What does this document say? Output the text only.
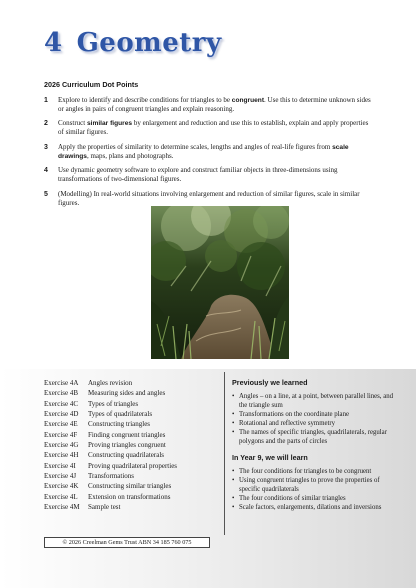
4 Geometry
2026 Curriculum Dot Points
1	Explore to identify and describe conditions for triangles to be congruent. Use this to determine unknown sides or angles in pairs of congruent triangles and explain reasoning.
2	Construct similar figures by enlargement and reduction and use this to establish, explain and apply properties of similar figures.
3	Apply the properties of similarity to determine scales, lengths and angles of real-life figures from scale drawings, maps, plans and photographs.
4	Use dynamic geometry software to explore and construct familiar objects in three-dimensions using transformations of two-dimensional figures.
5	(Modelling) In real-world situations involving enlargement and reduction of similar figures, scale in similar figures.
Exercise 4A	Angles revision
Exercise 4B	Measuring sides and angles
Exercise 4C	Types of triangles
Exercise 4D	Types of quadrilaterals
Exercise 4E	Constructing triangles
Exercise 4F	Finding congruent triangles
Exercise 4G	Proving triangles congruent
Exercise 4H	Constructing quadrilaterals
Exercise 4I	Proving quadrilateral properties
Exercise 4J	Transformations
Exercise 4K	Constructing similar triangles
Exercise 4L	Extension on transformations
Exercise 4M	Sample test
Previously we learned
• Angles – on a line, at a point, between parallel lines, and the triangle sum
• Transformations on the coordinate plane
• Rotational and reflective symmetry
• The names of specific triangles, quadrilaterals, regular polygons and the parts of circles
In Year 9, we will learn
• The four conditions for triangles to be congruent
• Using congruent triangles to prove the properties of specific quadrilaterals
• The four conditions of similar triangles
• Scale factors, enlargements, dilations and inversions
© 2026 Creelman Gems Trust ABN 34 185 760 075
